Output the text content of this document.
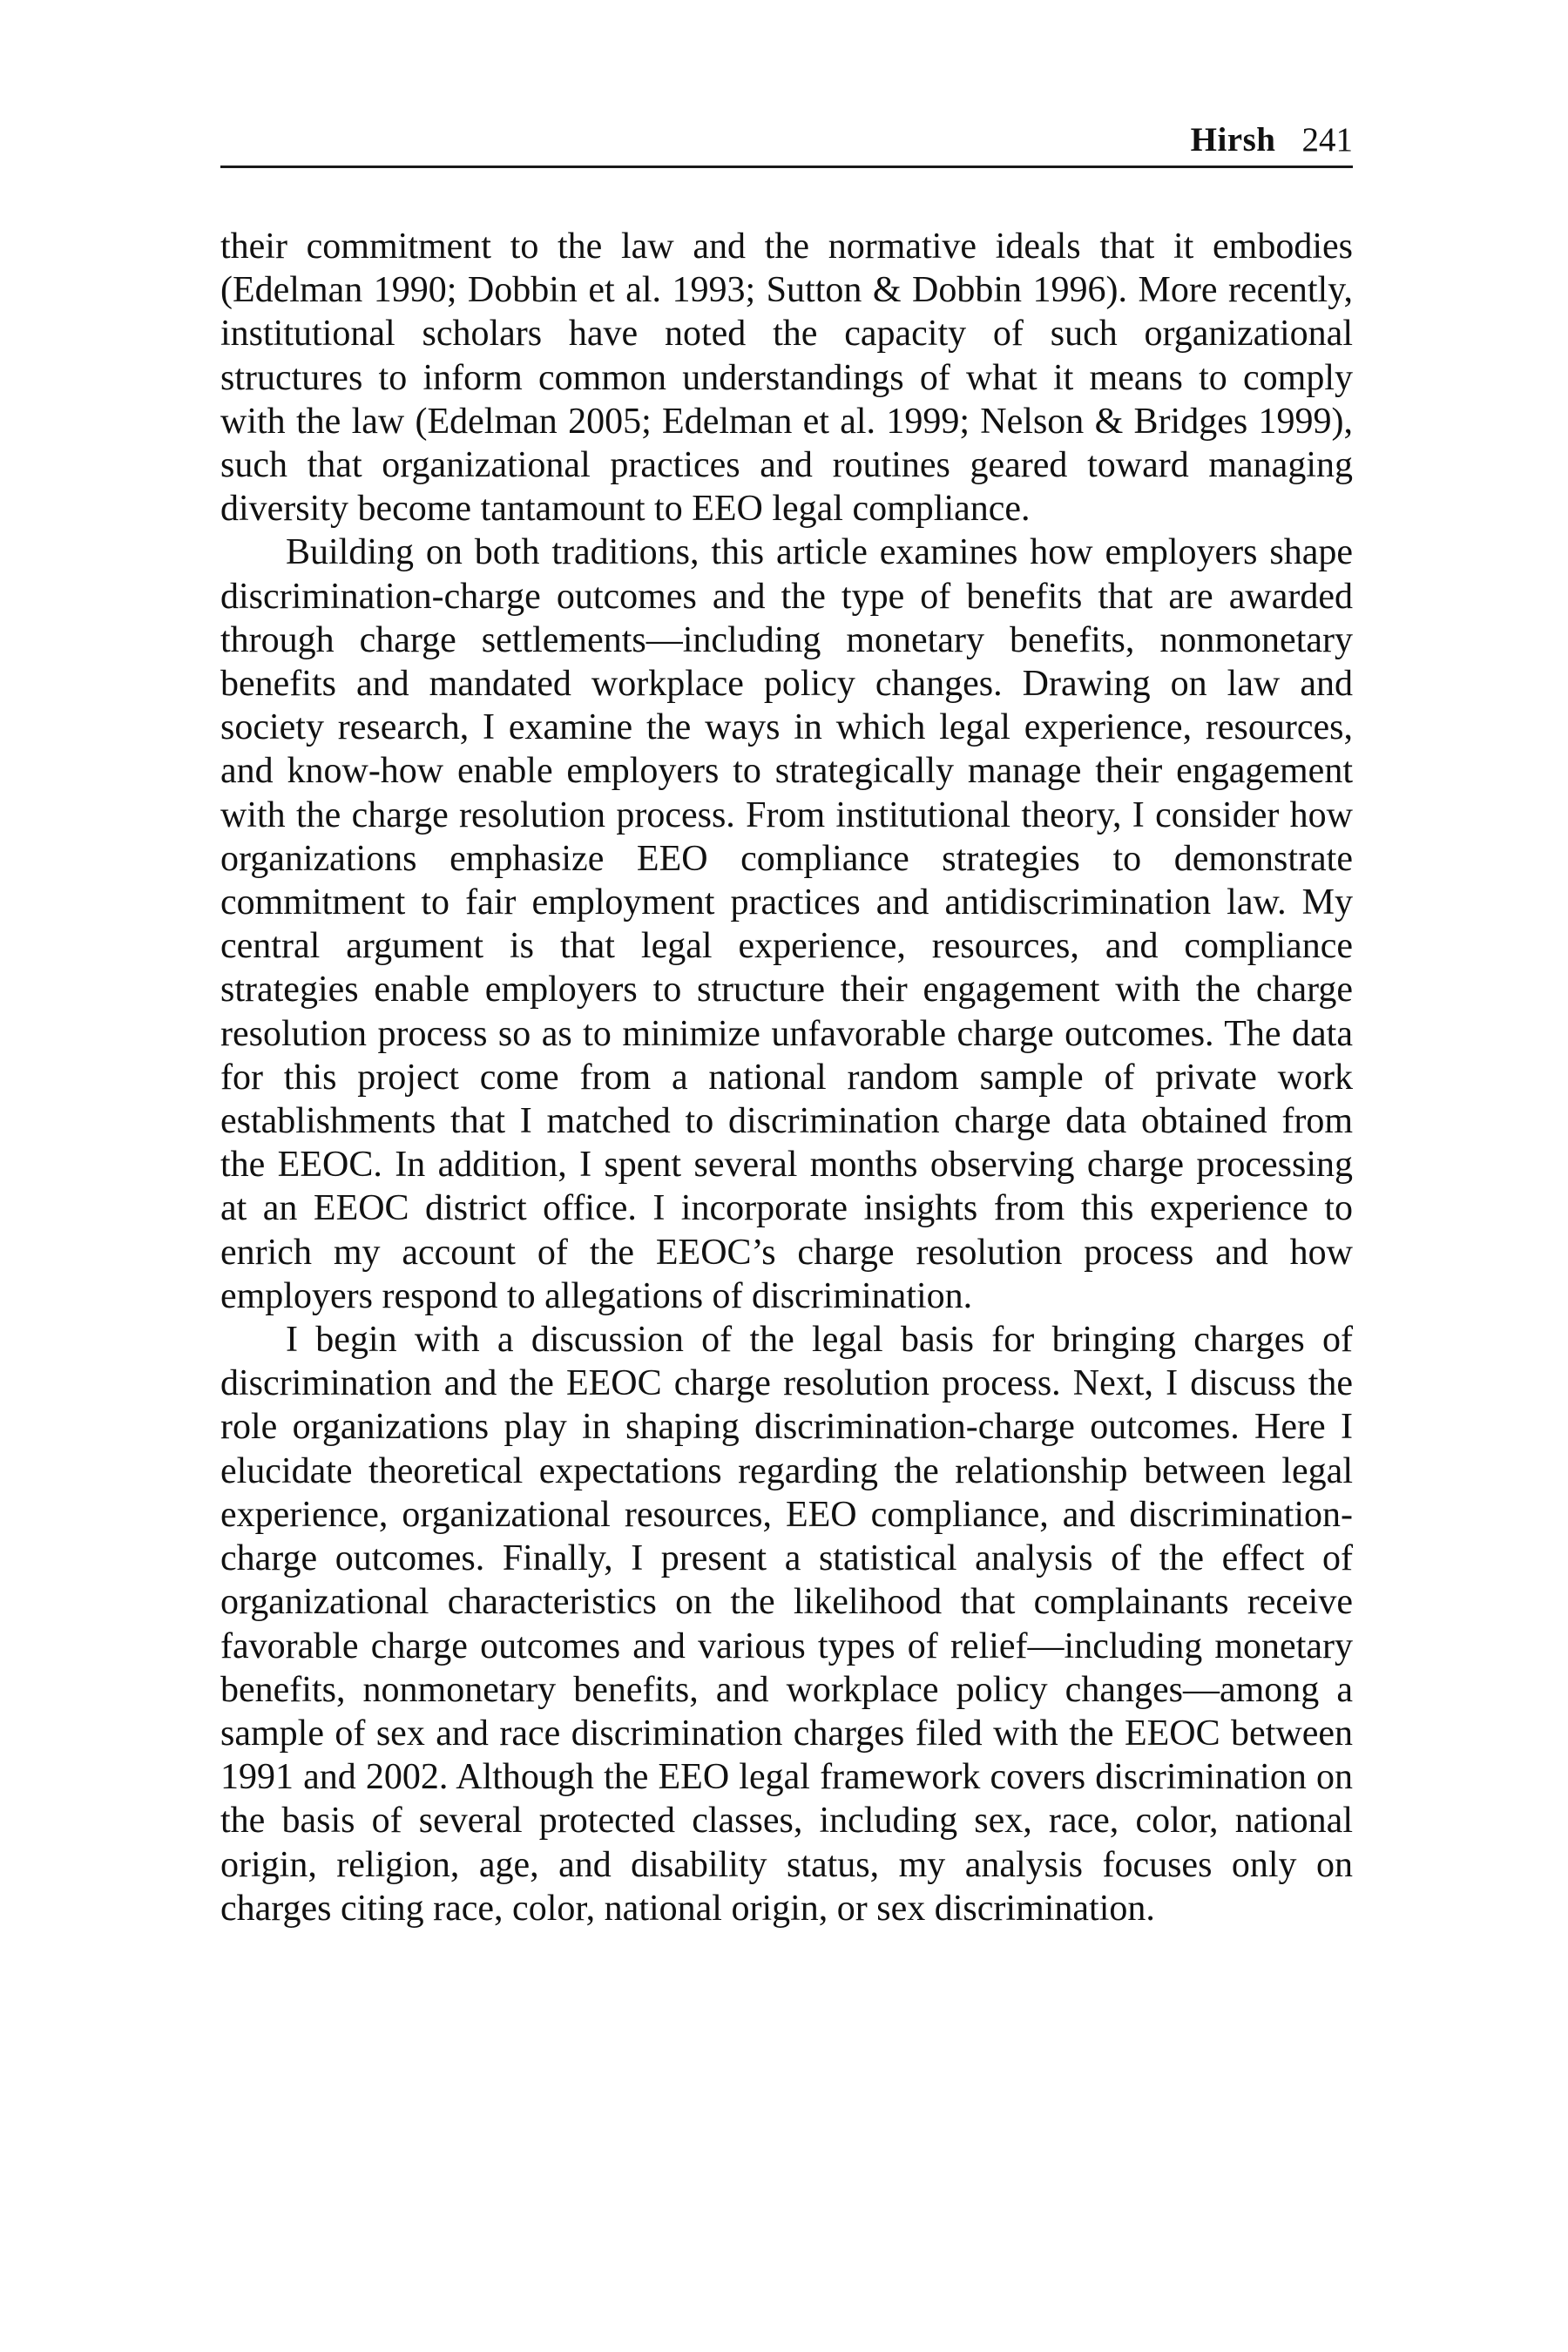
Hirsh 241

their commitment to the law and the normative ideals that it embodies (Edelman 1990; Dobbin et al. 1993; Sutton & Dobbin 1996). More recently, institutional scholars have noted the capacity of such organizational structures to inform common understandings of what it means to comply with the law (Edelman 2005; Edelman et al. 1999; Nelson & Bridges 1999), such that organizational practices and routines geared toward managing diversity become tantamount to EEO legal compliance.

Building on both traditions, this article examines how employers shape discrimination-charge outcomes and the type of benefits that are awarded through charge settlements—including monetary benefits, nonmonetary benefits and mandated workplace policy changes. Drawing on law and society research, I examine the ways in which legal experience, resources, and know-how enable employers to strategically manage their engagement with the charge resolution process. From institutional theory, I consider how organizations emphasize EEO compliance strategies to demonstrate commitment to fair employment practices and antidiscrimination law. My central argument is that legal experience, resources, and compliance strategies enable employers to structure their engagement with the charge resolution process so as to minimize unfavorable charge outcomes. The data for this project come from a national random sample of private work establishments that I matched to discrimination charge data obtained from the EEOC. In addition, I spent several months observing charge processing at an EEOC district office. I incorporate insights from this experience to enrich my account of the EEOC’s charge resolution process and how employers respond to allegations of discrimination.

I begin with a discussion of the legal basis for bringing charges of discrimination and the EEOC charge resolution process. Next, I discuss the role organizations play in shaping discrimination-charge outcomes. Here I elucidate theoretical expectations regarding the relationship between legal experience, organizational resources, EEO compliance, and discrimination-charge outcomes. Finally, I present a statistical analysis of the effect of organizational characteristics on the likelihood that complainants receive favorable charge outcomes and various types of relief—including monetary benefits, nonmonetary benefits, and workplace policy changes—among a sample of sex and race discrimination charges filed with the EEOC between 1991 and 2002. Although the EEO legal framework covers discrimination on the basis of several protected classes, including sex, race, color, national origin, religion, age, and disability status, my analysis focuses only on charges citing race, color, national origin, or sex discrimination.
